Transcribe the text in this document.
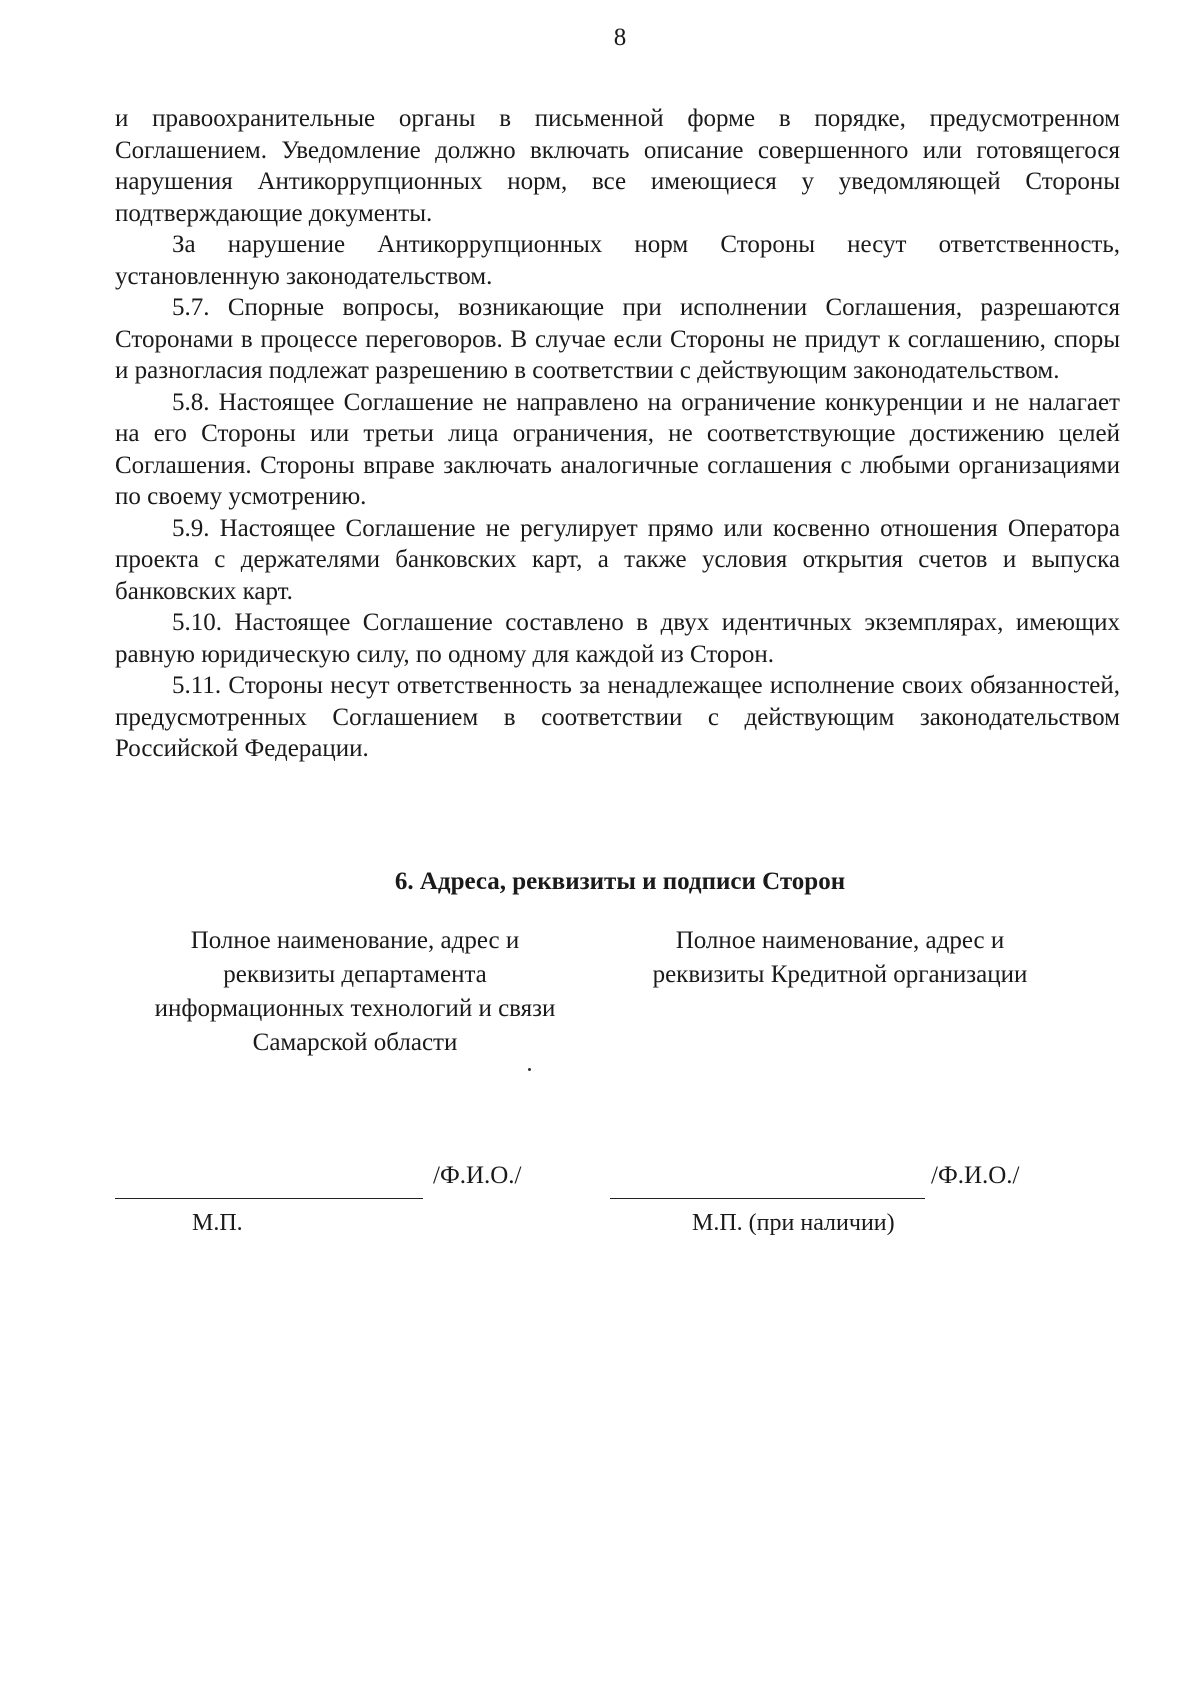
8

и правоохранительные органы в письменной форме в порядке, предусмотренном Соглашением. Уведомление должно включать описание совершенного или готовящегося нарушения Антикоррупционных норм, все имеющиеся у уведомляющей Стороны подтверждающие документы.

За нарушение Антикоррупционных норм Стороны несут ответственность, установленную законодательством.

5.7. Спорные вопросы, возникающие при исполнении Соглашения, разрешаются Сторонами в процессе переговоров. В случае если Стороны не придут к соглашению, споры и разногласия подлежат разрешению в соответствии с действующим законодательством.

5.8. Настоящее Соглашение не направлено на ограничение конкуренции и не налагает на его Стороны или третьи лица ограничения, не соответствующие достижению целей Соглашения. Стороны вправе заключать аналогичные соглашения с любыми организациями по своему усмотрению.

5.9. Настоящее Соглашение не регулирует прямо или косвенно отношения Оператора проекта с держателями банковских карт, а также условия открытия счетов и выпуска банковских карт.

5.10. Настоящее Соглашение составлено в двух идентичных экземплярах, имеющих равную юридическую силу, по одному для каждой из Сторон.

5.11. Стороны несут ответственность за ненадлежащее исполнение своих обязанностей, предусмотренных Соглашением в соответствии с действующим законодательством Российской Федерации.

6. Адреса, реквизиты и подписи Сторон
Полное наименование, адрес и
реквизиты департамента
информационных технологий и связи
Самарской области
Полное наименование, адрес и
реквизиты Кредитной организации
/Ф.И.О./
М.П.
/Ф.И.О./
М.П. (при наличии)
